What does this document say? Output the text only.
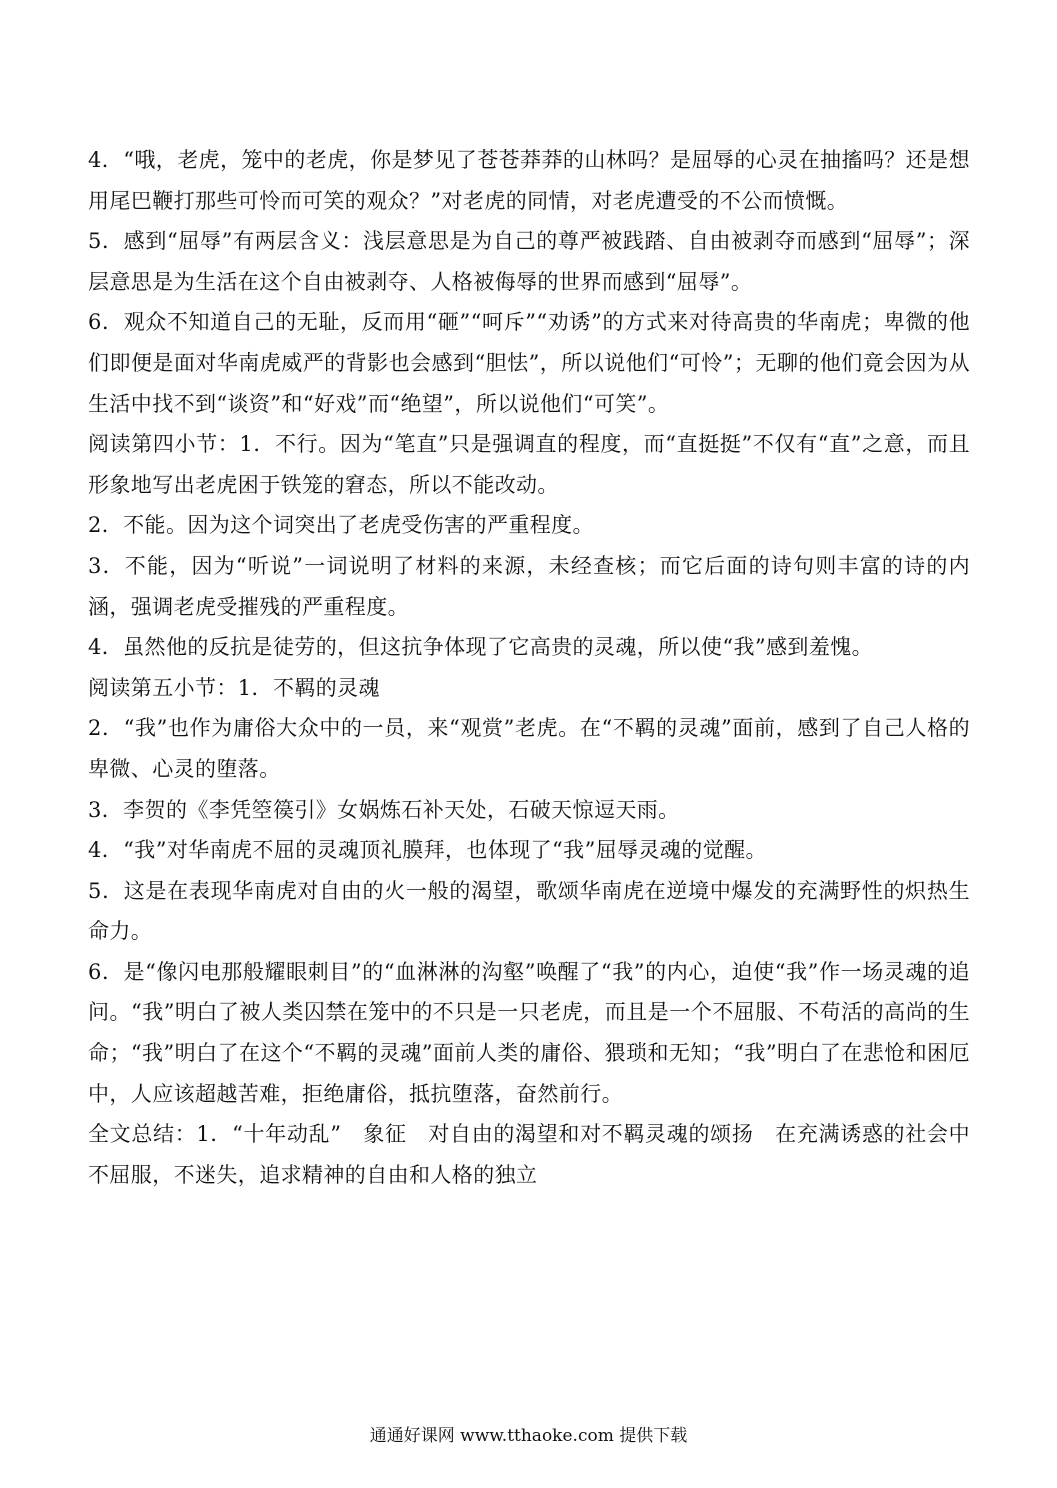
4．“哦，老虎，笼中的老虎，你是梦见了苍苍莽莽的山林吗？是屈辱的心灵在抽搐吗？还是想用尾巴鞭打那些可怜而可笑的观众？”对老虎的同情，对老虎遭受的不公而愤慨。

5．感到“屈辱”有两层含义：浅层意思是为自己的尊严被践踏、自由被剥夺而感到“屈辱”；深层意思是为生活在这个自由被剥夺、人格被侮辱的世界而感到“屈辱”。

6．观众不知道自己的无耻，反而用“砸”“呵斥”“劝诱”的方式来对待高贵的华南虎；卑微的他们即便是面对华南虎威严的背影也会感到“胆怯”，所以说他们“可怜”；无聊的他们竟会因为从生活中找不到“谈资”和“好戏”而“绝望”，所以说他们“可笑”。

阅读第四小节：1．不行。因为“笔直”只是强调直的程度，而“直挺挺”不仅有“直”之意，而且形象地写出老虎困于铁笼的窘态，所以不能改动。

2．不能。因为这个词突出了老虎受伤害的严重程度。

3．不能，因为“听说”一词说明了材料的来源，未经查核；而它后面的诗句则丰富的诗的内涵，强调老虎受摧残的严重程度。

4．虽然他的反抗是徒劳的，但这抗争体现了它高贵的灵魂，所以使“我”感到羞愧。

阅读第五小节：1．不羁的灵魂

2．“我”也作为庸俗大众中的一员，来“观赏”老虎。在“不羁的灵魂”面前，感到了自己人格的卑微、心灵的堕落。

3．李贺的《李凭箜篌引》女娲炼石补天处，石破天惊逗天雨。

4．“我”对华南虎不屈的灵魂顶礼膜拜，也体现了“我”屈辱灵魂的觉醒。

5．这是在表现华南虎对自由的火一般的渴望，歌颂华南虎在逆境中爆发的充满野性的炽热生命力。

6．是“像闪电那般耀眼刺目”的“血淋淋的沟壑”唤醒了“我”的内心，迫使“我”作一场灵魂的追问。“我”明白了被人类囚禁在笼中的不只是一只老虎，而且是一个不屈服、不苟活的高尚的生命；“我”明白了在这个“不羁的灵魂”面前人类的庸俗、猥琐和无知；“我”明白了在悲怆和困厄中，人应该超越苦难，拒绝庸俗，抵抗堕落，奋然前行。

全文总结：1．“十年动乱”　象征　对自由的渴望和对不羁灵魂的颂扬　在充满诱惑的社会中不屈服，不迷失，追求精神的自由和人格的独立

通通好课网 www.tthaoke.com 提供下载
